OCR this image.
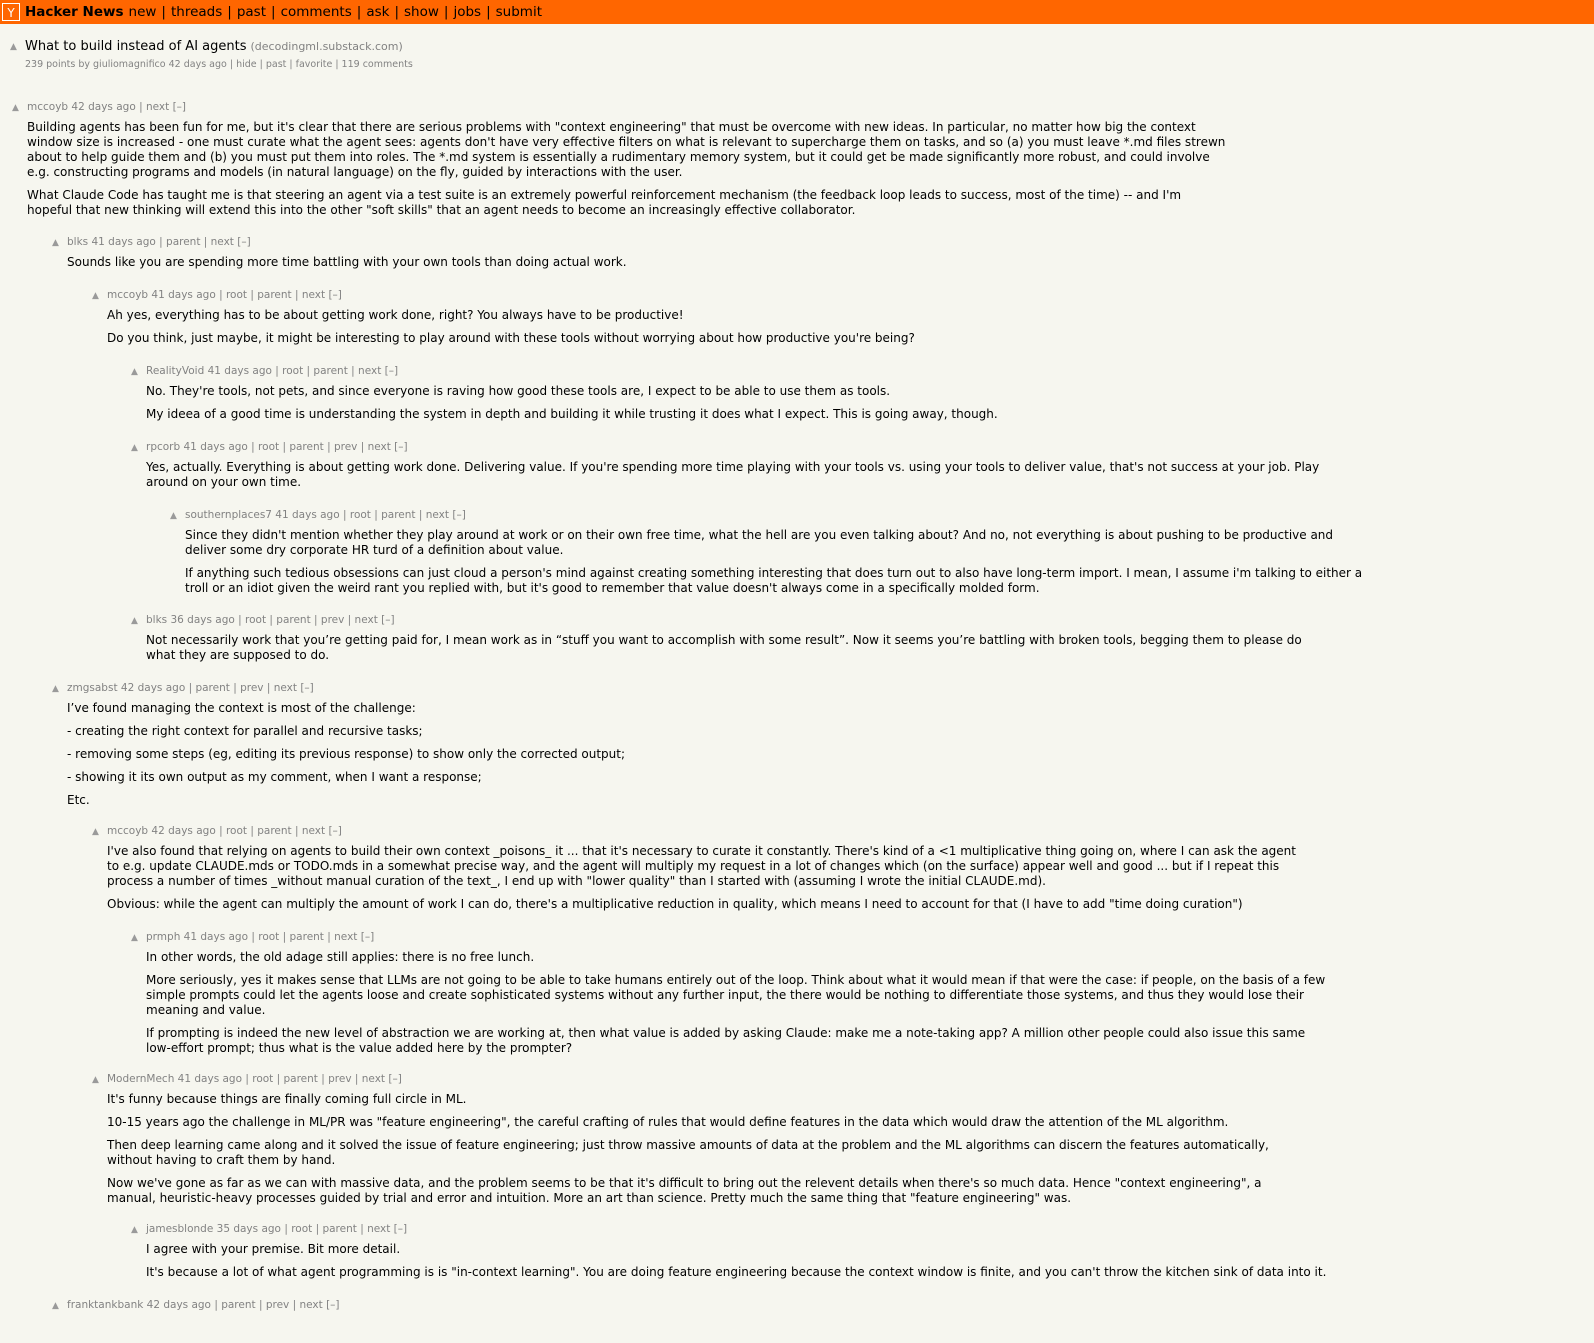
Y Hacker News new | threads | past | comments | ask | show | jobs | submit
▲ What to build instead of AI agents (decodingml.substack.com)
239 points by giuliomagnifico 42 days ago | hide | past | favorite | 119 comments
▲ mccoyb 42 days ago | next [–]

Building agents has been fun for me, but it's clear that there are serious problems with "context engineering" that must be overcome with new ideas. In particular, no matter how big the context window size is increased - one must curate what the agent sees: agents don't have very effective filters on what is relevant to supercharge them on tasks, and so (a) you must leave *.md files strewn about to help guide them and (b) you must put them into roles. The *.md system is essentially a rudimentary memory system, but it could get be made significantly more robust, and could involve e.g. constructing programs and models (in natural language) on the fly, guided by interactions with the user.

What Claude Code has taught me is that steering an agent via a test suite is an extremely powerful reinforcement mechanism (the feedback loop leads to success, most of the time) -- and I'm hopeful that new thinking will extend this into the other "soft skills" that an agent needs to become an increasingly effective collaborator.

▲ blks 41 days ago | parent | next [–]

Sounds like you are spending more time battling with your own tools than doing actual work.

▲ mccoyb 41 days ago | root | parent | next [–]

Ah yes, everything has to be about getting work done, right? You always have to be productive!

Do you think, just maybe, it might be interesting to play around with these tools without worrying about how productive you're being?

▲ RealityVoid 41 days ago | root | parent | next [–]

No. They're tools, not pets, and since everyone is raving how good these tools are, I expect to be able to use them as tools.

My ideea of a good time is understanding the system in depth and building it while trusting it does what I expect. This is going away, though.

▲ rpcorb 41 days ago | root | parent | prev | next [–]

Yes, actually. Everything is about getting work done. Delivering value. If you're spending more time playing with your tools vs. using your tools to deliver value, that's not success at your job. Play around on your own time.

▲ southernplaces7 41 days ago | root | parent | next [–]

Since they didn't mention whether they play around at work or on their own free time, what the hell are you even talking about? And no, not everything is about pushing to be productive and deliver some dry corporate HR turd of a definition about value.

If anything such tedious obsessions can just cloud a person's mind against creating something interesting that does turn out to also have long-term import. I mean, I assume i'm talking to either a troll or an idiot given the weird rant you replied with, but it's good to remember that value doesn't always come in a specifically molded form.

▲ blks 36 days ago | root | parent | prev | next [–]

Not necessarily work that you’re getting paid for, I mean work as in “stuff you want to accomplish with some result”. Now it seems you’re battling with broken tools, begging them to please do what they are supposed to do.

▲ zmgsabst 42 days ago | parent | prev | next [–]

I’ve found managing the context is most of the challenge:

- creating the right context for parallel and recursive tasks;

- removing some steps (eg, editing its previous response) to show only the corrected output;

- showing it its own output as my comment, when I want a response;

Etc.

▲ mccoyb 42 days ago | root | parent | next [–]

I've also found that relying on agents to build their own context _poisons_ it ... that it's necessary to curate it constantly. There's kind of a <1 multiplicative thing going on, where I can ask the agent to e.g. update CLAUDE.mds or TODO.mds in a somewhat precise way, and the agent will multiply my request in a lot of changes which (on the surface) appear well and good ... but if I repeat this process a number of times _without manual curation of the text_, I end up with "lower quality" than I started with (assuming I wrote the initial CLAUDE.md).

Obvious: while the agent can multiply the amount of work I can do, there's a multiplicative reduction in quality, which means I need to account for that (I have to add "time doing curation")

▲ prmph 41 days ago | root | parent | next [–]

In other words, the old adage still applies: there is no free lunch.

More seriously, yes it makes sense that LLMs are not going to be able to take humans entirely out of the loop. Think about what it would mean if that were the case: if people, on the basis of a few simple prompts could let the agents loose and create sophisticated systems without any further input, the there would be nothing to differentiate those systems, and thus they would lose their meaning and value.

If prompting is indeed the new level of abstraction we are working at, then what value is added by asking Claude: make me a note-taking app? A million other people could also issue this same low-effort prompt; thus what is the value added here by the prompter?

▲ ModernMech 41 days ago | root | parent | prev | next [–]

It's funny because things are finally coming full circle in ML.

10-15 years ago the challenge in ML/PR was "feature engineering", the careful crafting of rules that would define features in the data which would draw the attention of the ML algorithm.

Then deep learning came along and it solved the issue of feature engineering; just throw massive amounts of data at the problem and the ML algorithms can discern the features automatically, without having to craft them by hand.

Now we've gone as far as we can with massive data, and the problem seems to be that it's difficult to bring out the relevent details when there's so much data. Hence "context engineering", a manual, heuristic-heavy processes guided by trial and error and intuition. More an art than science. Pretty much the same thing that "feature engineering" was.

▲ jamesblonde 35 days ago | root | parent | next [–]

I agree with your premise. Bit more detail.

It's because a lot of what agent programming is is "in-context learning". You are doing feature engineering because the context window is finite, and you can't throw the kitchen sink of data into it.

▲ franktankbank 42 days ago | parent | prev | next [–]
